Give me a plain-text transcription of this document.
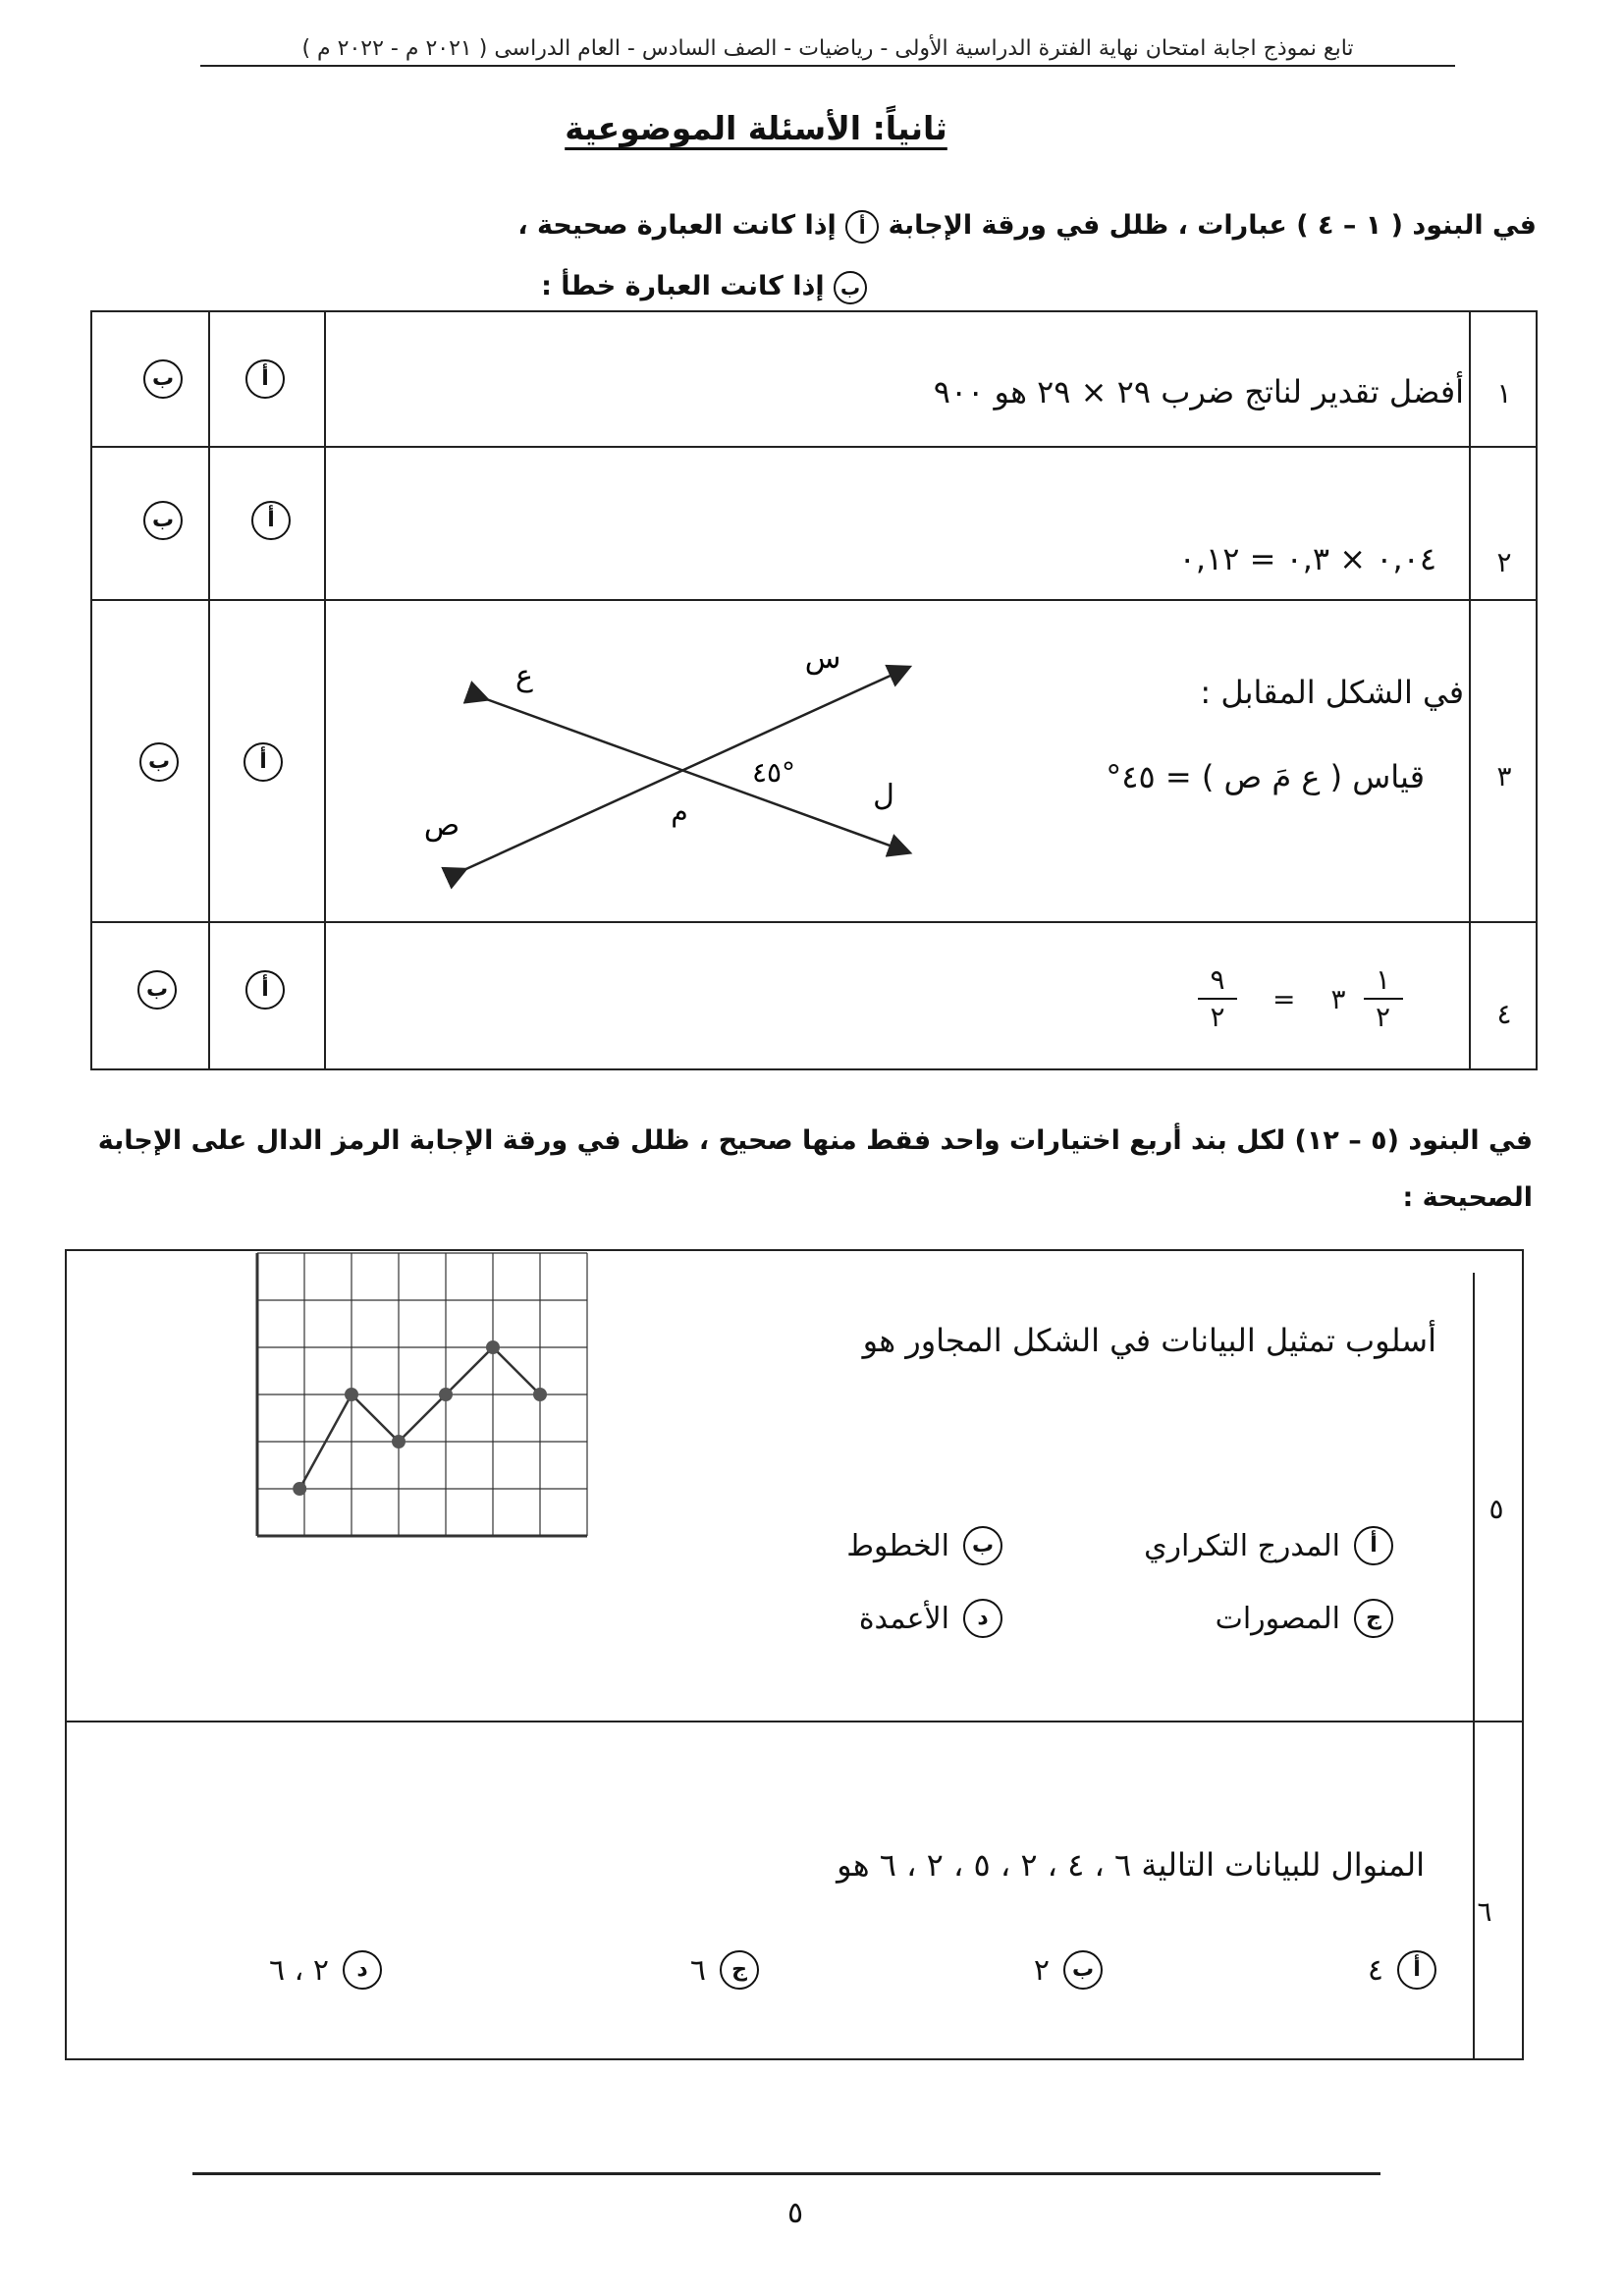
تابع نموذج اجابة امتحان نهاية الفترة الدراسية الأولى - رياضيات - الصف السادس - العام الدراسى ( ٢٠٢١ م - ٢٠٢٢ م )
ثانياً: الأسئلة الموضوعية
في البنود ( ١ – ٤ ) عبارات ، ظلل في ورقة الإجابة أ إذا كانت العبارة صحيحة ،
ب إذا كانت العبارة خطأ :
١
أفضل تقدير لناتج ضرب ٢٩ × ٢٩ هو ٩٠٠
أ
ب
٢
٠,٠٤ × ٠,٣ = ٠,١٢
أ
ب
٣
في الشكل المقابل :
قياس ( ع مَ ص ) = ٤٥°
أ
ب
س
ع
ل
ص	م
٤٥°
٤
$\frac{١}{٢}$
٣
=
$\frac{٩}{٢}$
أ
ب
في البنود (٥ – ١٢) لكل بند أربع اختيارات واحد فقط منها صحيح ، ظلل في ورقة الإجابة الرمز الدال على الإجابة
الصحيحة :
٥
أسلوب تمثيل البيانات في الشكل المجاور هو
أ
المدرج التكراري
ب
الخطوط
ج
المصورات
د
الأعمدة
٦
المنوال للبيانات التالية ٦ ، ٤ ، ٢ ، ٥ ، ٢ ، ٦ هو
أ
٤
ب
٢
ج
٦
د
٢ ، ٦
٥
